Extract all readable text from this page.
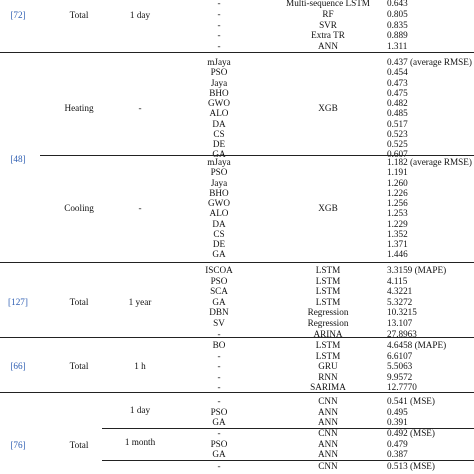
[72]	Total	1 day
-	Multi-sequence LSTM 0.643
-	RF	0.805
-	SVR	0.835
-	Extra TR	0.889
-	ANN	1.311
[48]
Heating	-	XGB
mJaya	0.437 (average RMSE)
PSO	0.454
Jaya	0.473
BHO	0.475
GWO	0.482
ALO	0.485
DA	0.517
CS	0.523
DE	0.525
GA	0.607
Cooling	-	XGB
mJaya	1.182 (average RMSE)
PSO	1.191
Jaya	1.260
BHO	1.226
GWO	1.256
ALO	1.253
DA	1.229
CS	1.352
DE	1.371
GA	1.446
[127]	Total	1 year
ISCOA	LSTM	3.3159 (MAPE)
PSO	LSTM	4.115
SCA	LSTM	4.3221
GA	LSTM	5.3272
DBN	Regression	10.3215
SV	Regression	13.107
-	ARINA	27.8963
[66]	Total	1 h
BO	LSTM	4.6458 (MAPE)
-	LSTM	6.6107
-	GRU	5.5063
-	RNN	9.9572
-	SARIMA	12.7770
[76]	Total
1 day
-	CNN	0.541 (MSE)
PSO	ANN	0.495
GA	ANN	0.391
1 month
-	CNN	0.492 (MSE)
PSO	ANN	0.479
GA	ANN	0.387
-	CNN	0.513 (MSE)
